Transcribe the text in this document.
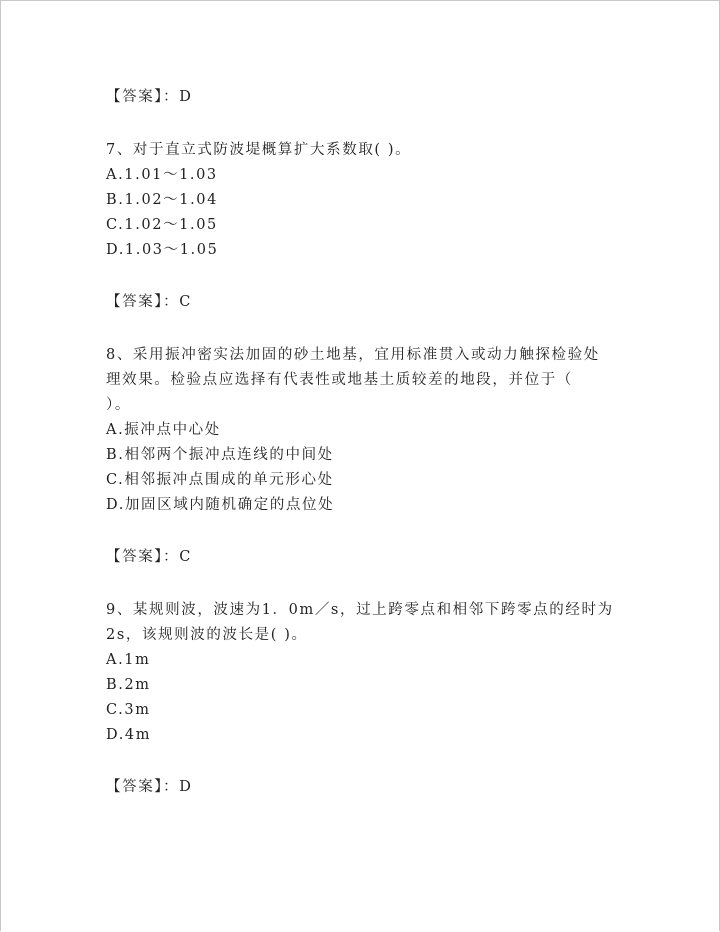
【答案】：D
7、对于直立式防波堤概算扩大系数取( )。
A.1.01～1.03
B.1.02～1.04
C.1.02～1.05
D.1.03～1.05
【答案】：C
8、采用振冲密实法加固的砂土地基，宜用标准贯入或动力触探检验处
理效果。检验点应选择有代表性或地基土质较差的地段，并位于（
）。
A.振冲点中心处
B.相邻两个振冲点连线的中间处
C.相邻振冲点围成的单元形心处
D.加固区域内随机确定的点位处
【答案】：C
9、某规则波，波速为1．0m／s，过上跨零点和相邻下跨零点的经时为
2s，该规则波的波长是( )。
A.1m
B.2m
C.3m
D.4m
【答案】：D
